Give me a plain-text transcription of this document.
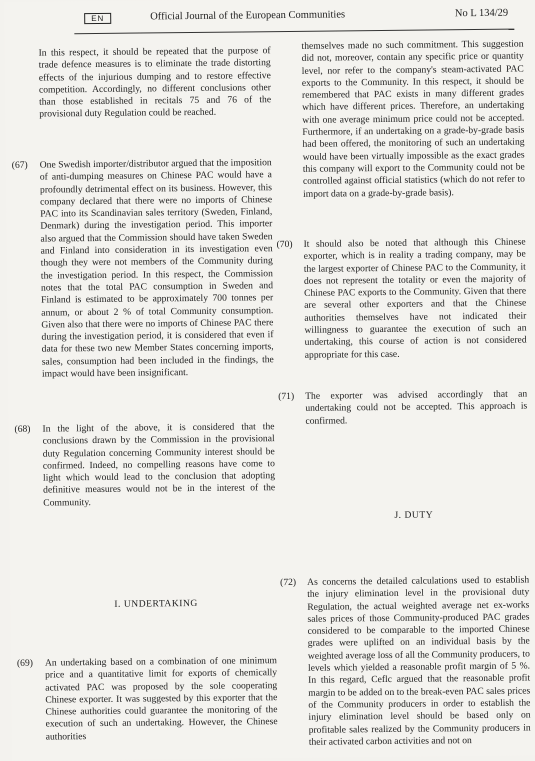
EN	Official Journal of the European Communities	No L 134/29

In this respect, it should be repeated that the purpose of trade defence measures is to eliminate the trade distorting effects of the injurious dumping and to restore effective competition. Accordingly, no different conclusions other than those established in recitals 75 and 76 of the provisional duty Regulation could be reached.

(67) One Swedish importer/distributor argued that the imposition of anti-dumping measures on Chinese PAC would have a profoundly detrimental effect on its business. However, this company declared that there were no imports of Chinese PAC into its Scandinavian sales territory (Sweden, Finland, Denmark) during the investigation period. This importer also argued that the Commission should have taken Sweden and Finland into consideration in its investigation even though they were not members of the Community during the investigation period. In this respect, the Commission notes that the total PAC consumption in Sweden and Finland is estimated to be approximately 700 tonnes per annum, or about 2 % of total Community consumption. Given also that there were no imports of Chinese PAC there during the investigation period, it is considered that even if data for these two new Member States concerning imports, sales, consumption had been included in the findings, the impact would have been insignificant.

(68) In the light of the above, it is considered that the conclusions drawn by the Commission in the provisional duty Regulation concerning Community interest should be confirmed. Indeed, no compelling reasons have come to light which would lead to the conclusion that adopting definitive measures would not be in the interest of the Community.

I. UNDERTAKING
(69) An undertaking based on a combination of one minimum price and a quantitative limit for exports of chemically activated PAC was proposed by the sole cooperating Chinese exporter. It was suggested by this exporter that the Chinese authorities could guarantee the monitoring of the execution of such an undertaking. However, the Chinese authorities

themselves made no such commitment. This suggestion did not, moreover, contain any specific price or quantity level, nor refer to the company's steam-activated PAC exports to the Community. In this respect, it should be remembered that PAC exists in many different grades which have different prices. Therefore, an undertaking with one average minimum price could not be accepted. Furthermore, if an undertaking on a grade-by-grade basis had been offered, the monitoring of such an undertaking would have been virtually impossible as the exact grades this company will export to the Community could not be controlled against official statistics (which do not refer to import data on a grade-by-grade basis).

(70) It should also be noted that although this Chinese exporter, which is in reality a trading company, may be the largest exporter of Chinese PAC to the Community, it does not represent the totality or even the majority of Chinese PAC exports to the Community. Given that there are several other exporters and that the Chinese authorities themselves have not indicated their willingness to guarantee the execution of such an undertaking, this course of action is not considered appropriate for this case.

(71) The exporter was advised accordingly that an undertaking could not be accepted. This approach is confirmed.

J. DUTY
(72) As concerns the detailed calculations used to establish the injury elimination level in the provisional duty Regulation, the actual weighted average net ex-works sales prices of those Community-produced PAC grades considered to be comparable to the imported Chinese grades were uplifted on an individual basis by the weighted average loss of all the Community producers, to levels which yielded a reasonable profit margin of 5 %. In this regard, Ceflc argued that the reasonable profit margin to be added on to the break-even PAC sales prices of the Community producers in order to establish the injury elimination level should be based only on profitable sales realized by the Community producers in their activated carbon activities and not on
